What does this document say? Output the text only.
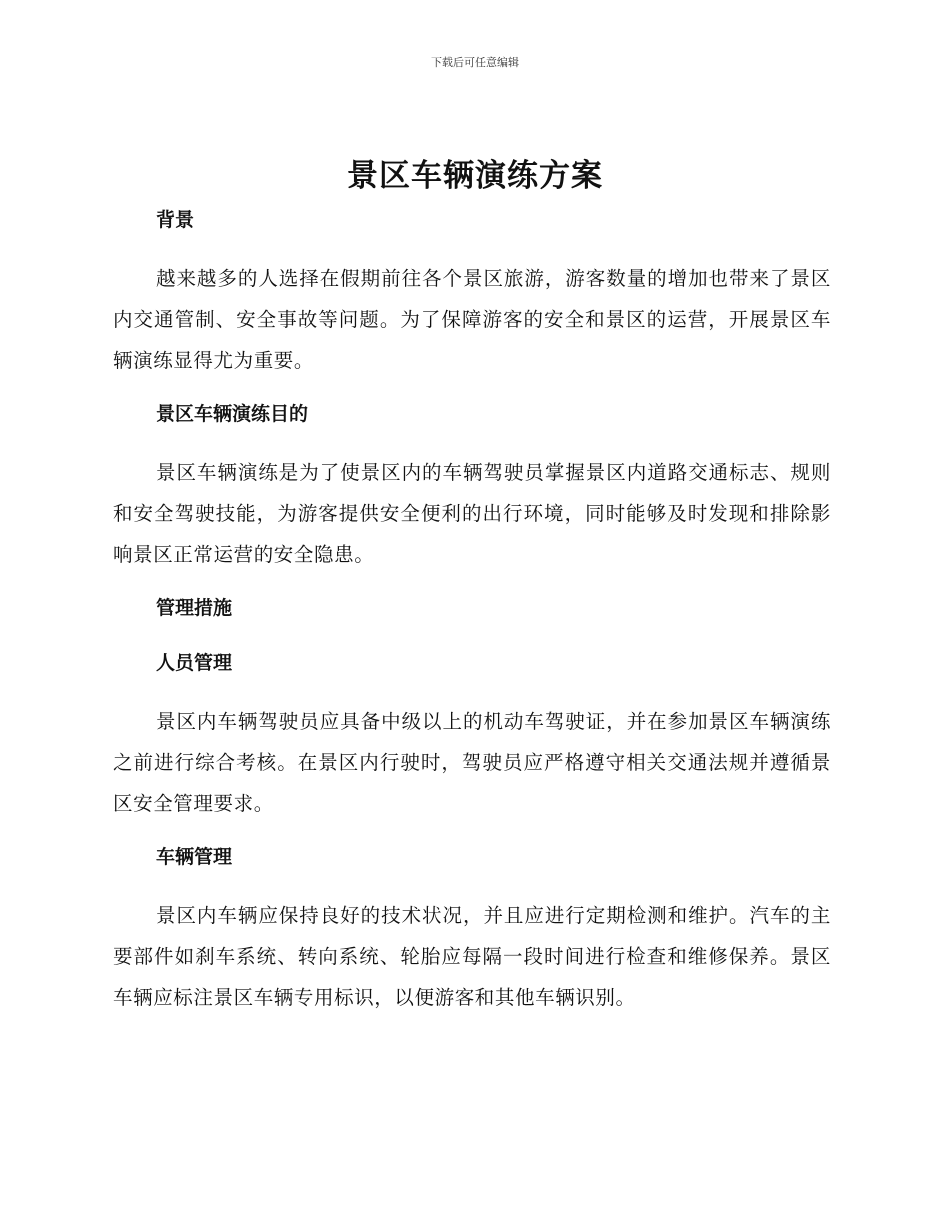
下载后可任意编辑
景区车辆演练方案
背景

越来越多的人选择在假期前往各个景区旅游，游客数量的增加也带来了景区内交通管制、安全事故等问题。为了保障游客的安全和景区的运营，开展景区车辆演练显得尤为重要。

景区车辆演练目的

景区车辆演练是为了使景区内的车辆驾驶员掌握景区内道路交通标志、规则和安全驾驶技能，为游客提供安全便利的出行环境，同时能够及时发现和排除影响景区正常运营的安全隐患。

管理措施
人员管理

景区内车辆驾驶员应具备中级以上的机动车驾驶证，并在参加景区车辆演练之前进行综合考核。在景区内行驶时，驾驶员应严格遵守相关交通法规并遵循景区安全管理要求。

车辆管理

景区内车辆应保持良好的技术状况，并且应进行定期检测和维护。汽车的主要部件如刹车系统、转向系统、轮胎应每隔一段时间进行检查和维修保养。景区车辆应标注景区车辆专用标识，以便游客和其他车辆识别。
